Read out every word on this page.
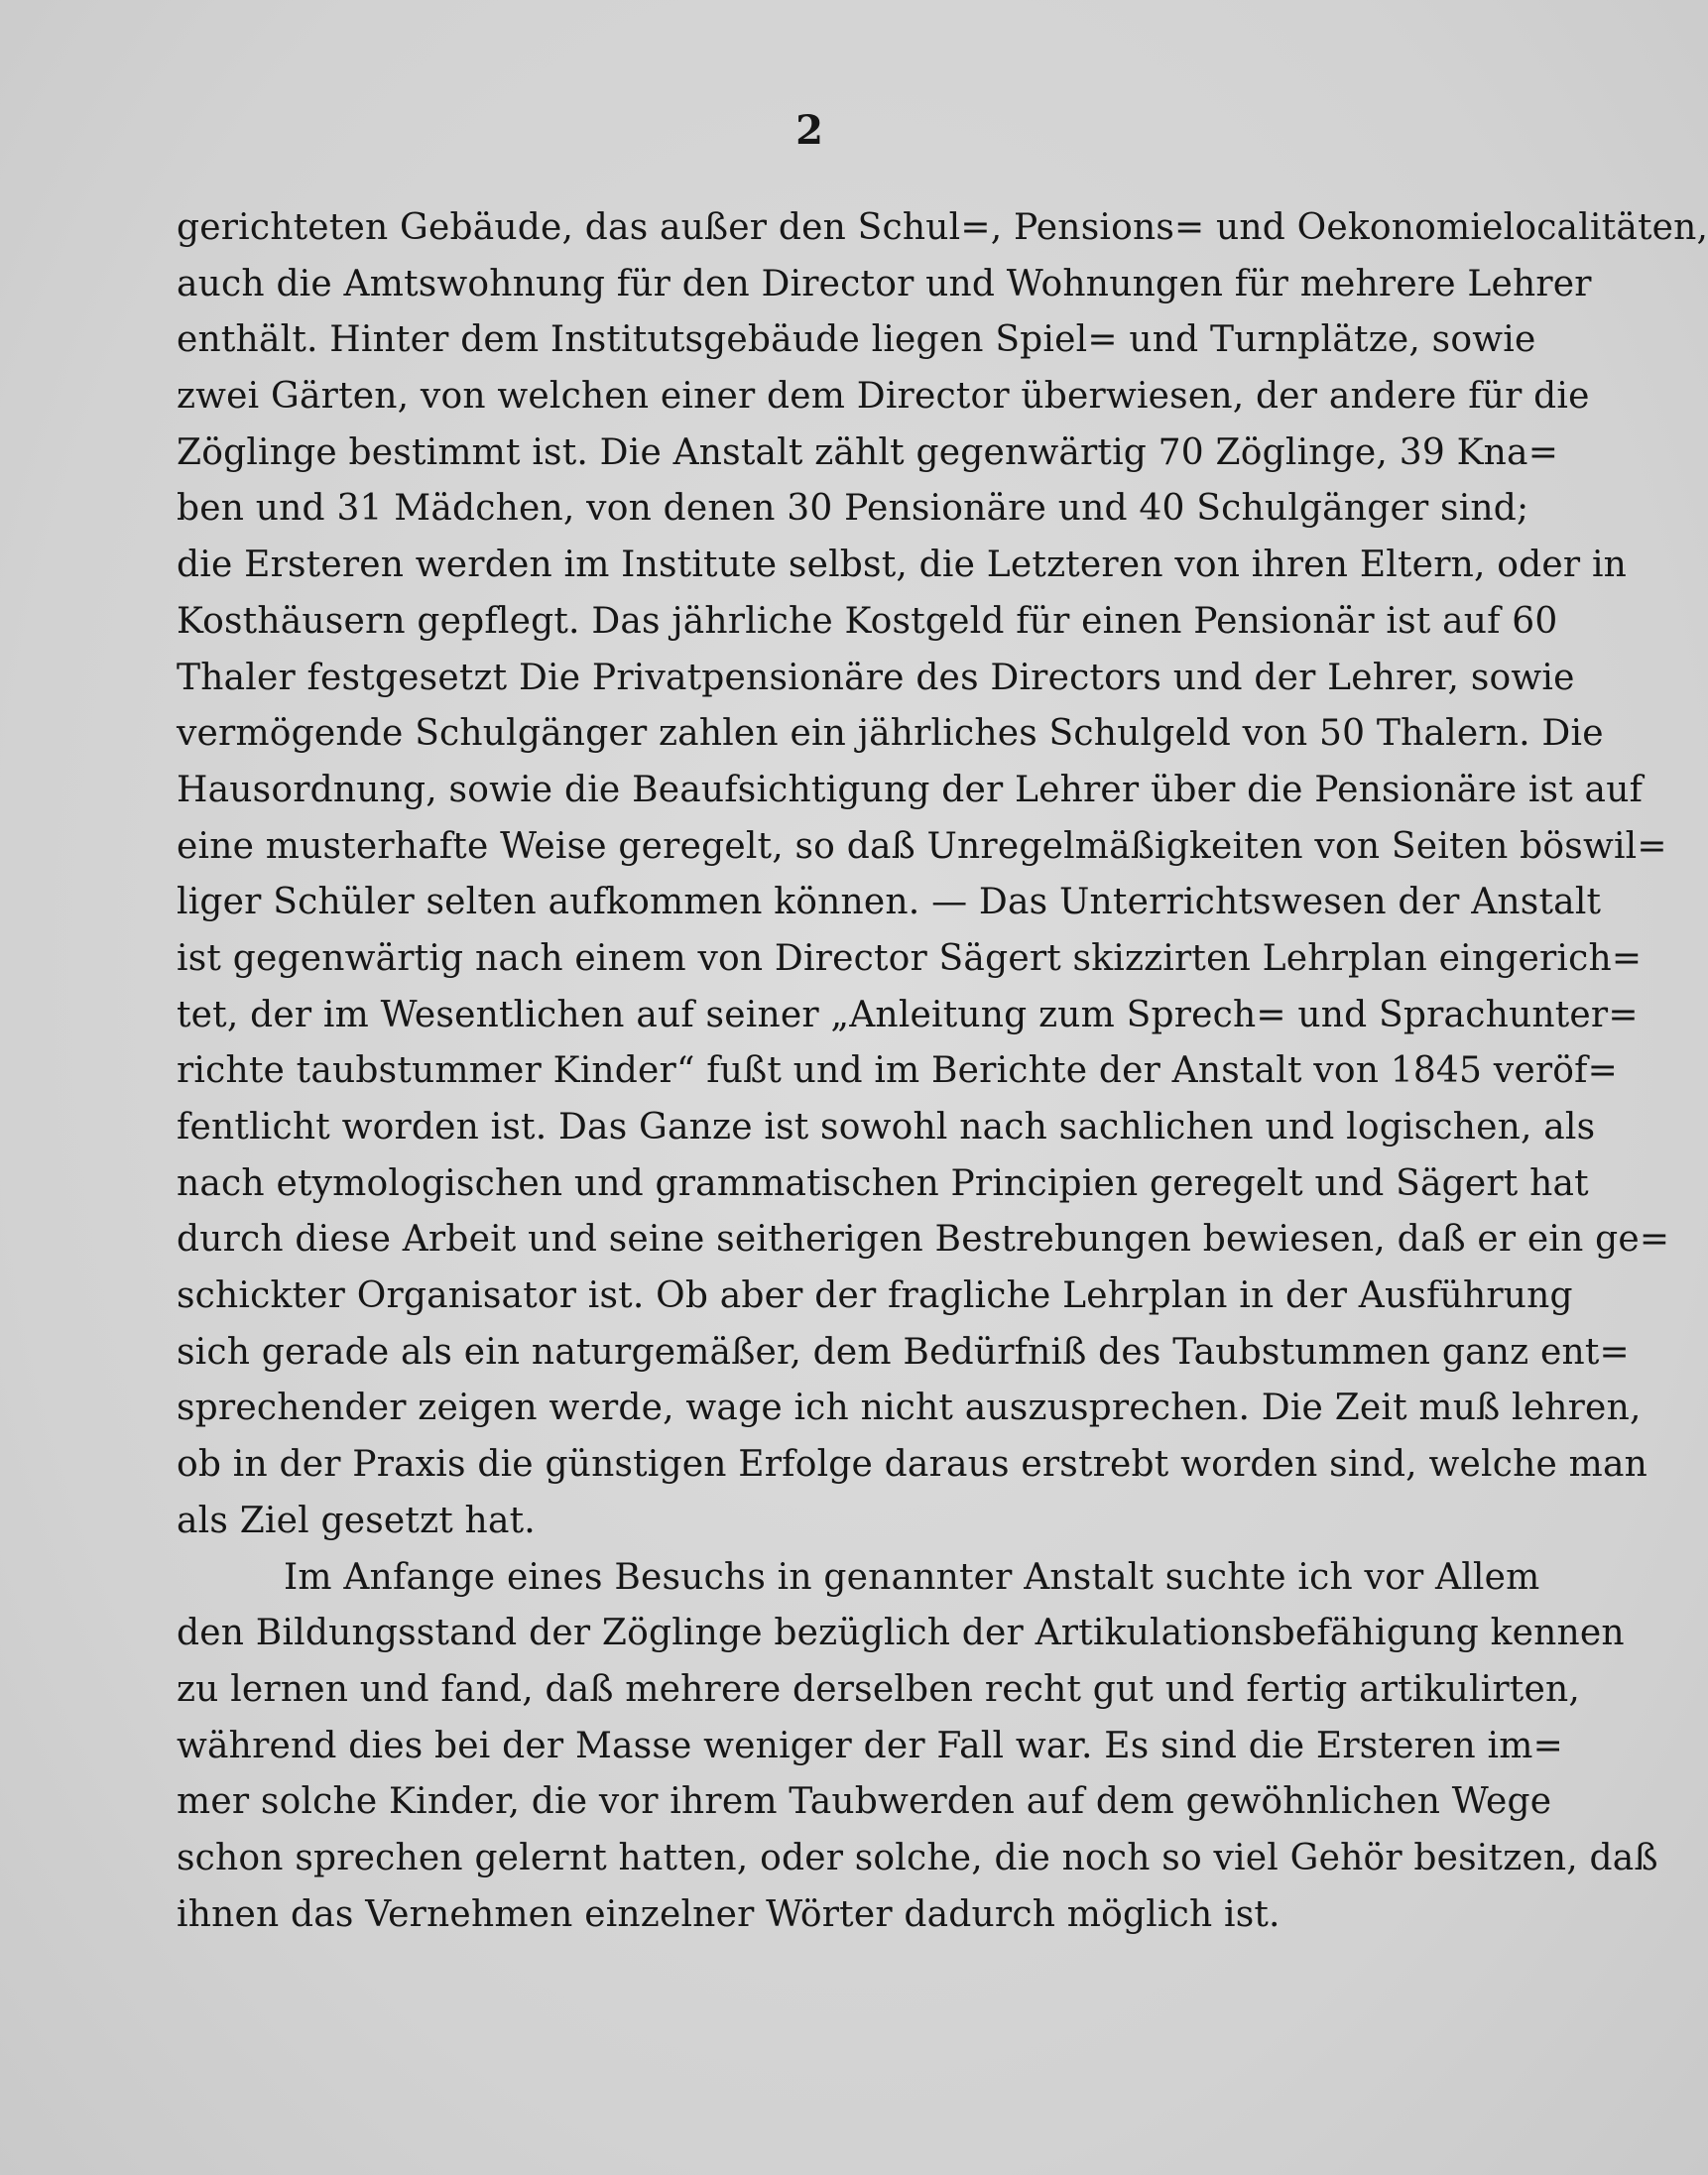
2
gerichteten Gebäude, das außer den Schul=, Pensions= und Oekonomielocalitäten,
auch die Amtswohnung für den Director und Wohnungen für mehrere Lehrer
enthält. Hinter dem Institutsgebäude liegen Spiel= und Turnplätze, sowie
zwei Gärten, von welchen einer dem Director überwiesen, der andere für die
Zöglinge bestimmt ist. Die Anstalt zählt gegenwärtig 70 Zöglinge, 39 Kna=
ben und 31 Mädchen, von denen 30 Pensionäre und 40 Schulgänger sind;
die Ersteren werden im Institute selbst, die Letzteren von ihren Eltern, oder in
Kosthäusern gepflegt. Das jährliche Kostgeld für einen Pensionär ist auf 60
Thaler festgesetzt Die Privatpensionäre des Directors und der Lehrer, sowie
vermögende Schulgänger zahlen ein jährliches Schulgeld von 50 Thalern. Die
Hausordnung, sowie die Beaufsichtigung der Lehrer über die Pensionäre ist auf
eine musterhafte Weise geregelt, so daß Unregelmäßigkeiten von Seiten böswil=
liger Schüler selten aufkommen können. — Das Unterrichtswesen der Anstalt
ist gegenwärtig nach einem von Director Sägert skizzirten Lehrplan eingerich=
tet, der im Wesentlichen auf seiner „Anleitung zum Sprech= und Sprachunter=
richte taubstummer Kinder“ fußt und im Berichte der Anstalt von 1845 veröf=
fentlicht worden ist. Das Ganze ist sowohl nach sachlichen und logischen, als
nach etymologischen und grammatischen Principien geregelt und Sägert hat
durch diese Arbeit und seine seitherigen Bestrebungen bewiesen, daß er ein ge=
schickter Organisator ist. Ob aber der fragliche Lehrplan in der Ausführung
sich gerade als ein naturgemäßer, dem Bedürfniß des Taubstummen ganz ent=
sprechender zeigen werde, wage ich nicht auszusprechen. Die Zeit muß lehren,
ob in der Praxis die günstigen Erfolge daraus erstrebt worden sind, welche man
als Ziel gesetzt hat.
Im Anfange eines Besuchs in genannter Anstalt suchte ich vor Allem
den Bildungsstand der Zöglinge bezüglich der Artikulationsbefähigung kennen
zu lernen und fand, daß mehrere derselben recht gut und fertig artikulirten,
während dies bei der Masse weniger der Fall war. Es sind die Ersteren im=
mer solche Kinder, die vor ihrem Taubwerden auf dem gewöhnlichen Wege
schon sprechen gelernt hatten, oder solche, die noch so viel Gehör besitzen, daß
ihnen das Vernehmen einzelner Wörter dadurch möglich ist.
